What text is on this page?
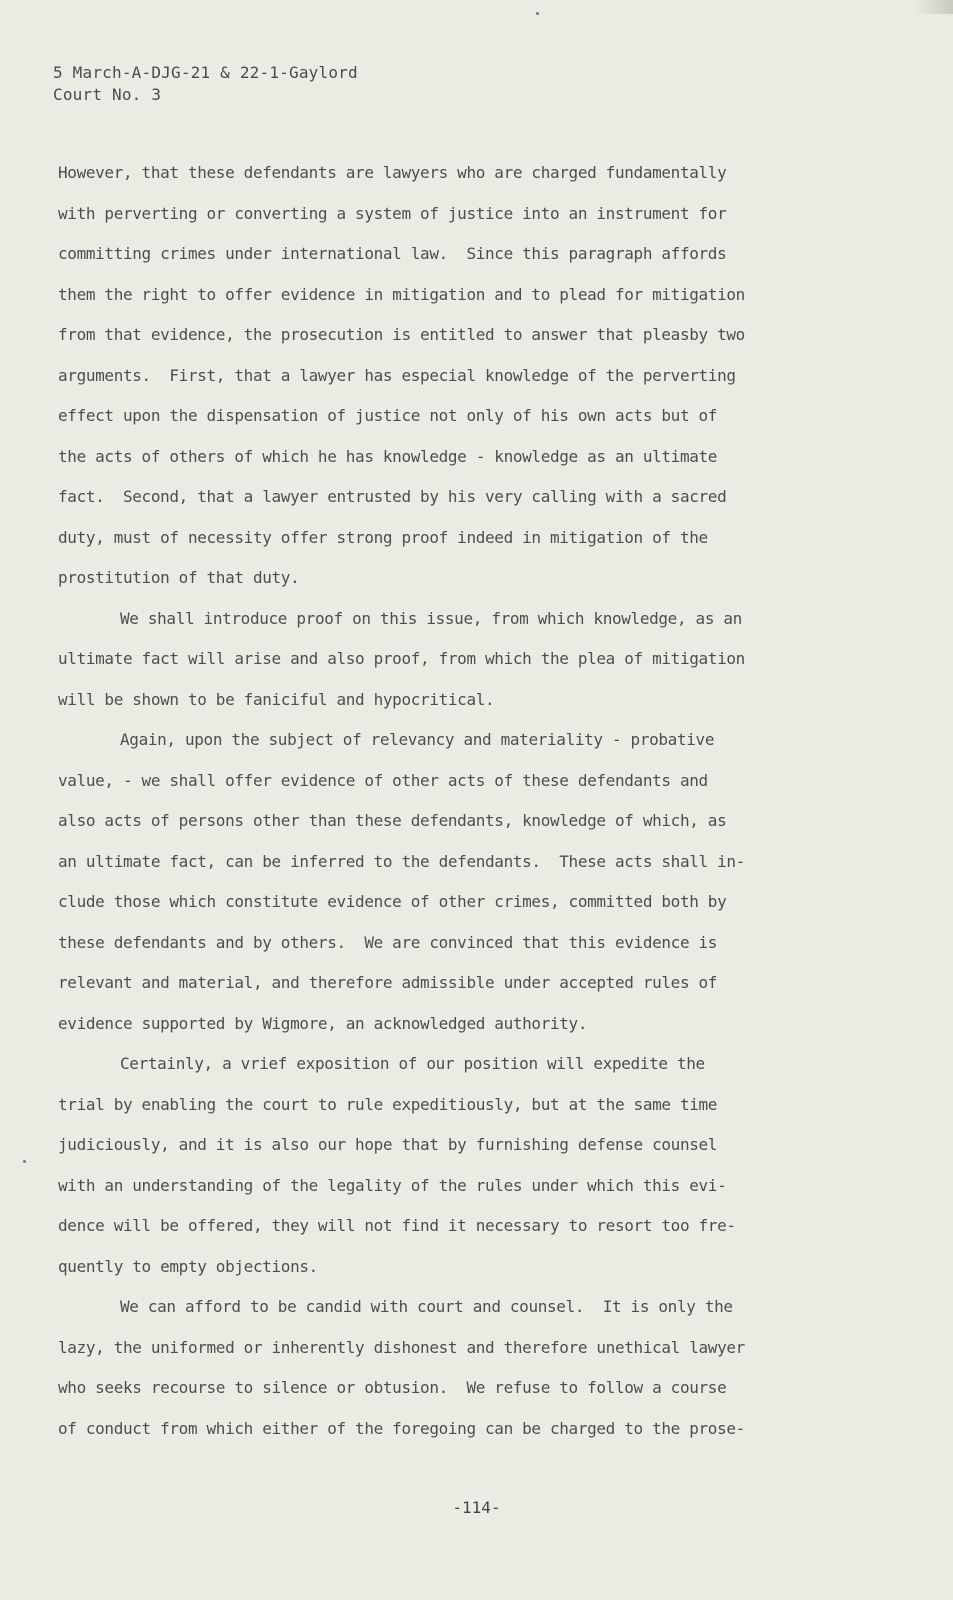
5 March-A-DJG-21 & 22-1-Gaylord
Court No. 3
However, that these defendants are lawyers who are charged fundamentally
with perverting or converting a system of justice into an instrument for
committing crimes under international law.  Since this paragraph affords
them the right to offer evidence in mitigation and to plead for mitigation
from that evidence, the prosecution is entitled to answer that pleasby two
arguments.  First, that a lawyer has especial knowledge of the perverting
effect upon the dispensation of justice not only of his own acts but of
the acts of others of which he has knowledge - knowledge as an ultimate
fact.  Second, that a lawyer entrusted by his very calling with a sacred
duty, must of necessity offer strong proof indeed in mitigation of the
prostitution of that duty.
We shall introduce proof on this issue, from which knowledge, as an
ultimate fact will arise and also proof, from which the plea of mitigation
will be shown to be faniciful and hypocritical.
Again, upon the subject of relevancy and materiality - probative
value, - we shall offer evidence of other acts of these defendants and
also acts of persons other than these defendants, knowledge of which, as
an ultimate fact, can be inferred to the defendants.  These acts shall in-
clude those which constitute evidence of other crimes, committed both by
these defendants and by others.  We are convinced that this evidence is
relevant and material, and therefore admissible under accepted rules of
evidence supported by Wigmore, an acknowledged authority.
Certainly, a vrief exposition of our position will expedite the
trial by enabling the court to rule expeditiously, but at the same time
judiciously, and it is also our hope that by furnishing defense counsel
with an understanding of the legality of the rules under which this evi-
dence will be offered, they will not find it necessary to resort too fre-
quently to empty objections.
We can afford to be candid with court and counsel.  It is only the
lazy, the uniformed or inherently dishonest and therefore unethical lawyer
who seeks recourse to silence or obtusion.  We refuse to follow a course
of conduct from which either of the foregoing can be charged to the prose-
-114-
